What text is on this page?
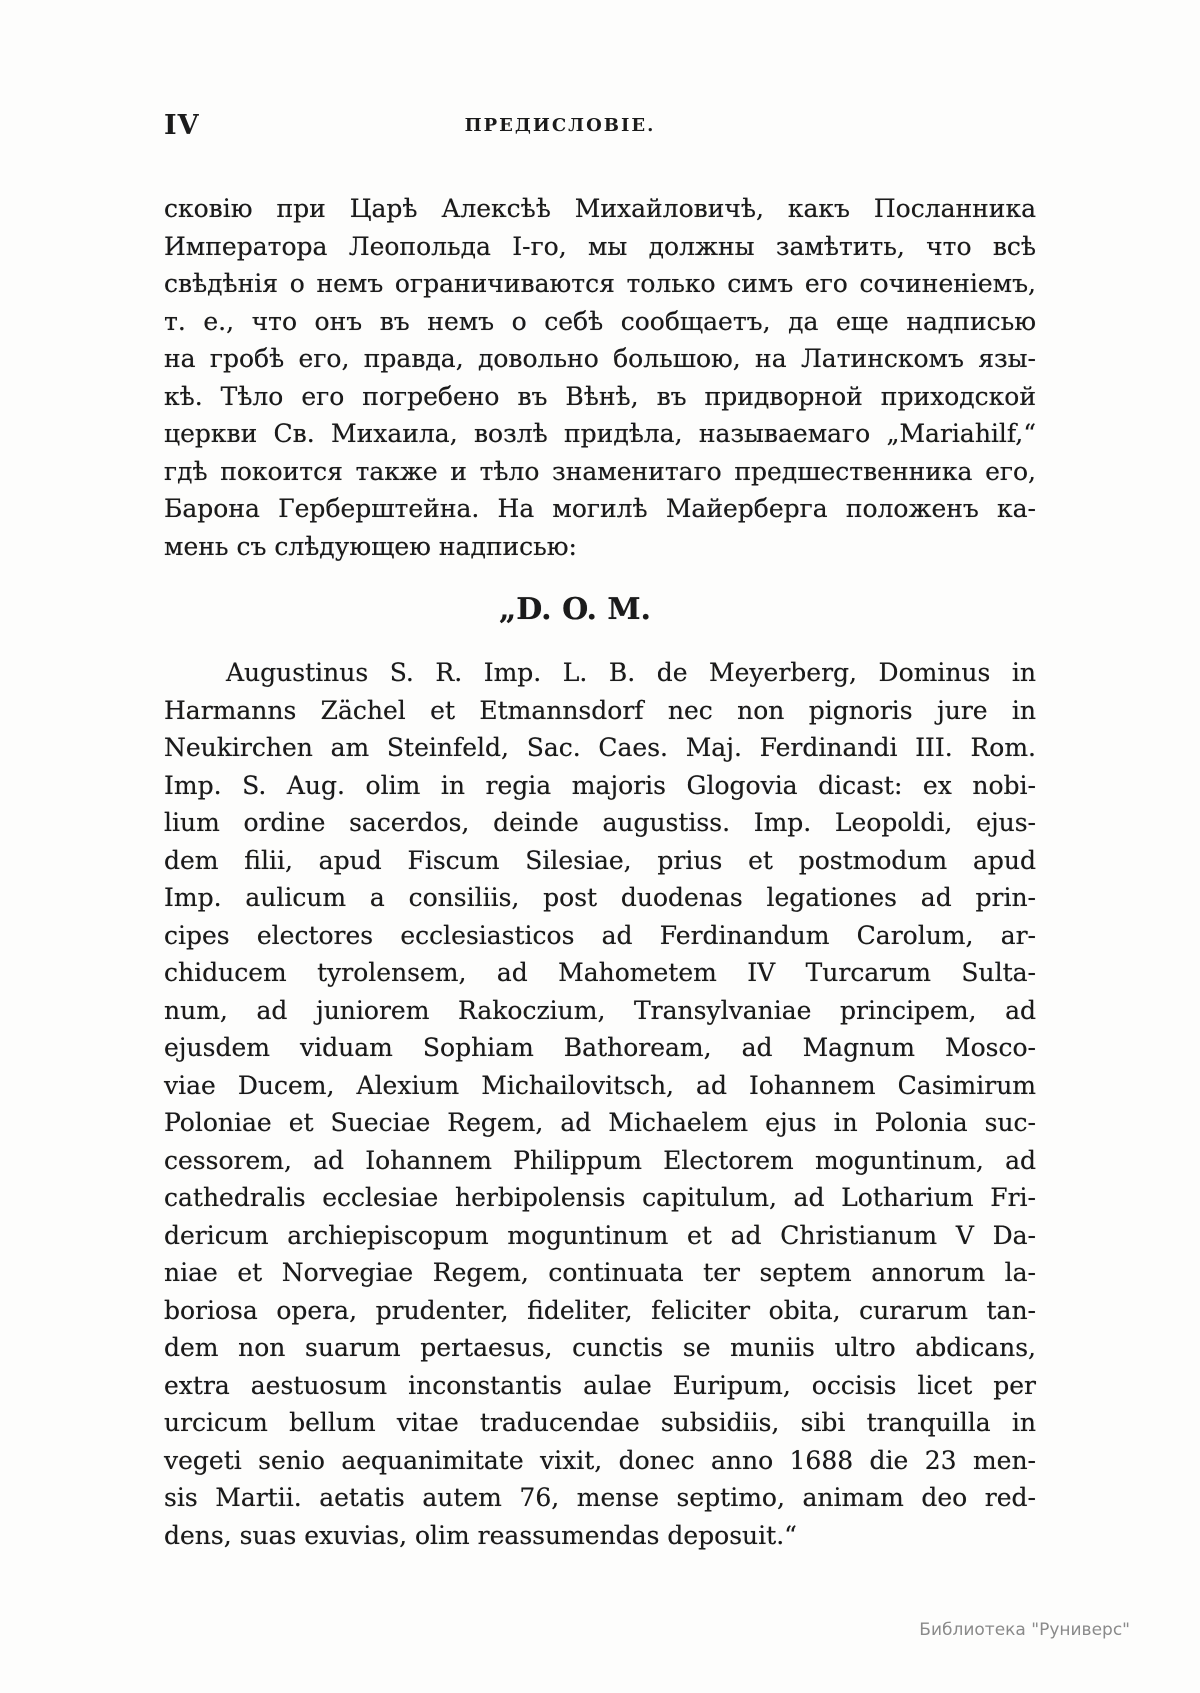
IV	ПРЕДИСЛОВІЕ.
сковію при Царѣ Алексѣѣ Михайловичѣ, какъ Посланника
Императора Леопольда І-го, мы должны замѣтить, что всѣ
свѣдѣнія о немъ ограничиваются только симъ его сочиненіемъ,
т. е., что онъ въ немъ о себѣ сообщаетъ, да еще надписью
на гробѣ его, правда, довольно большою, на Латинскомъ язы-
кѣ. Тѣло его погребено въ Вѣнѣ, въ придворной приходской
церкви Св. Михаила, возлѣ придѣла, называемаго „Mariahilf,“
гдѣ покоится также и тѣло знаменитаго предшественника его,
Барона Герберштейна. На могилѣ Майерберга положенъ ка-
мень съ слѣдующею надписью:
„D. O. M.
Augustinus S. R. Imp. L. B. de Meyerberg, Dominus in
Harmanns Zächel et Etmannsdorf nec non pignoris jure in
Neukirchen am Steinfeld, Sac. Caes. Maj. Ferdinandi III. Rom.
Imp. S. Aug. olim in regia majoris Glogovia dicast: ex nobi-
lium ordine sacerdos, deinde augustiss. Imp. Leopoldi, ejus-
dem filii, apud Fiscum Silesiae, prius et postmodum apud
Imp. aulicum a consiliis, post duodenas legationes ad prin-
cipes electores ecclesiasticos ad Ferdinandum Carolum, ar-
chiducem tyrolensem, ad Mahometem IV Turcarum Sulta-
num, ad juniorem Rakoczium, Transylvaniae principem, ad
ejusdem viduam Sophiam Bathoream, ad Magnum Mosco-
viae Ducem, Alexium Michailovitsch, ad Iohannem Casimirum
Poloniae et Sueciae Regem, ad Michaelem ejus in Polonia suc-
cessorem, ad Iohannem Philippum Electorem moguntinum, ad
cathedralis ecclesiae herbipolensis capitulum, ad Lotharium Fri-
dericum archiepiscopum moguntinum et ad Christianum V Da-
niae et Norvegiae Regem, continuata ter septem annorum la-
boriosa opera, prudenter, fideliter, feliciter obita, curarum tan-
dem non suarum pertaesus, cunctis se muniis ultro abdicans,
extra aestuosum inconstantis aulae Euripum, occisis licet per
urcicum bellum vitae traducendae subsidiis, sibi tranquilla in
vegeti senio aequanimitate vixit, donec anno 1688 die 23 men-
sis Martii. aetatis autem 76, mense septimo, animam deo red-
dens, suas exuvias, olim reassumendas deposuit.“
Библиотека "Руниверс"
